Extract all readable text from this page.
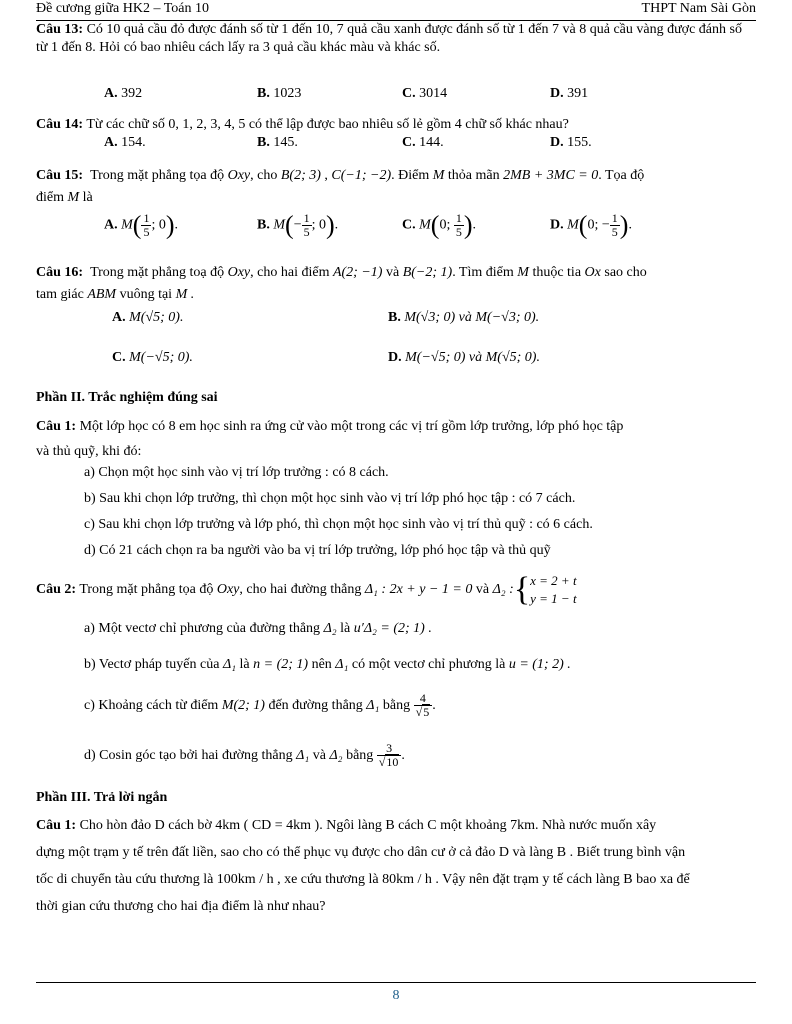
Đề cương giữa HK2 – Toán 10	THPT Nam Sài Gòn
Câu 13: Có 10 quả cầu đỏ được đánh số từ 1 đến 10, 7 quả cầu xanh được đánh số từ 1 đến 7 và 8 quả cầu vàng được đánh số từ 1 đến 8. Hỏi có bao nhiêu cách lấy ra 3 quả cầu khác màu và khác số.
A. 392	B. 1023	C. 3014	D. 391
Câu 14: Từ các chữ số 0, 1, 2, 3, 4, 5 có thể lập được bao nhiêu số lẻ gồm 4 chữ số khác nhau?
A. 154.	B. 145.	C. 144.	D. 155.
Câu 15: Trong mặt phẳng tọa độ Oxy, cho B(2; 3) , C(−1; −2). Điểm M thỏa mãn 2MB + 3MC = 0. Tọa độ
điểm M là
A. $M( \frac{1}{5}$ ; 0).	B. $M(- \frac{1}{5}$ ; 0).	C. M(0; $\frac{1}{5}$ ).	D. M(0; − $\frac{1}{5}$ ).
Câu 16: Trong mặt phẳng toạ độ Oxy, cho hai điểm A(2; −1) và B(−2; 1). Tìm điểm M thuộc tia Ox sao cho
tam giác ABM vuông tại M .
A. M(√5; 0).	B. M(√3; 0) và M(−√3; 0).
C. M(−√5; 0).	D. M(−√5; 0) và M(√5; 0).
Phần II. Trắc nghiệm đúng sai
Câu 1: Một lớp học có 8 em học sinh ra ứng cử vào một trong các vị trí gồm lớp trưởng, lớp phó học tập
và thủ quỹ, khi đó:
a) Chọn một học sinh vào vị trí lớp trưởng : có 8 cách.
b) Sau khi chọn lớp trưởng, thì chọn một học sinh vào vị trí lớp phó học tập : có 7 cách.
c) Sau khi chọn lớp trưởng và lớp phó, thì chọn một học sinh vào vị trí thủ quỹ : có 6 cách.
d) Có 21 cách chọn ra ba người vào ba vị trí lớp trưởng, lớp phó học tập và thủ quỹ
Câu 2: Trong mặt phẳng tọa độ Oxy, cho hai đường thẳng Δ₁ : 2x + y − 1 = 0 và Δ₂ :{x = 2 + t
y = 1 − t
a) Một vectơ chỉ phương của đường thẳng Δ₂ là u′Δ₂ = (2; 1) .
b) Vectơ pháp tuyến của Δ₁ là n = (2; 1) nên Δ₁ có một vectơ chỉ phương là u = (1; 2) .
c) Khoảng cách từ điểm M(2; 1) đến đường thẳng Δ₁ bằng $\frac{4}{√5}$ .
d) Cosin góc tạo bởi hai đường thẳng Δ₁ và Δ₂ bằng $\frac{3}{√10}$ .
Phần III. Trả lời ngắn
Câu 1: Cho hòn đảo D cách bờ 4km ( CD = 4km ). Ngôi làng B cách C một khoảng 7km. Nhà nước muốn xây
dựng một trạm y tế trên đất liền, sao cho có thể phục vụ được cho dân cư ở cả đảo D và làng B . Biết trung bình vận
tốc di chuyển tàu cứu thương là 100km / h , xe cứu thương là 80km / h . Vậy nên đặt trạm y tế cách làng B bao xa để
thời gian cứu thương cho hai địa điểm là như nhau?
8
